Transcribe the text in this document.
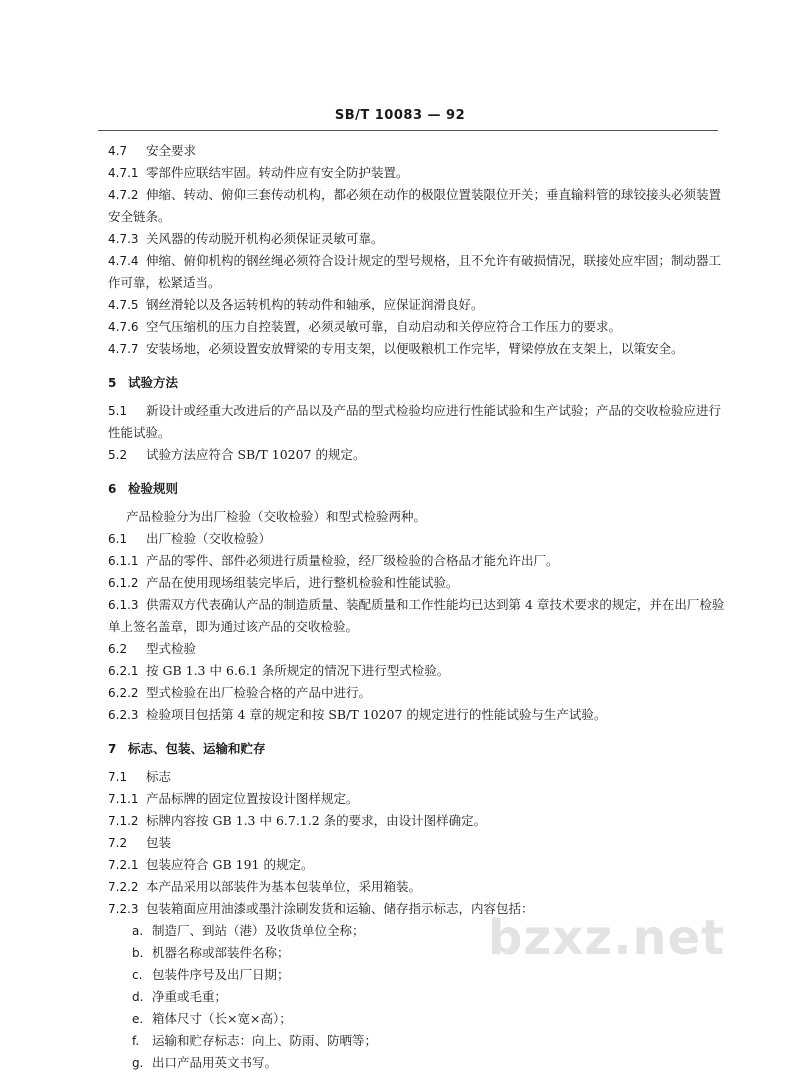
SB/T 10083 — 92
4.7 安全要求
4.7.1 零部件应联结牢固。转动件应有安全防护装置。
4.7.2 伸缩、转动、俯仰三套传动机构，都必须在动作的极限位置装限位开关；垂直输料管的球铰接头必须装置安全链条。
4.7.3 关风器的传动脱开机构必须保证灵敏可靠。
4.7.4 伸缩、俯仰机构的钢丝绳必须符合设计规定的型号规格，且不允许有破损情况，联接处应牢固；制动器工作可靠，松紧适当。
4.7.5 钢丝滑轮以及各运转机构的转动件和轴承，应保证润滑良好。
4.7.6 空气压缩机的压力自控装置，必须灵敏可靠，自动启动和关停应符合工作压力的要求。
4.7.7 安装场地，必须设置安放臂梁的专用支架，以便吸粮机工作完毕，臂梁停放在支架上，以策安全。
5 试验方法
5.1 新设计或经重大改进后的产品以及产品的型式检验均应进行性能试验和生产试验；产品的交收检验应进行性能试验。
5.2 试验方法应符合 SB/T 10207 的规定。
6 检验规则
产品检验分为出厂检验（交收检验）和型式检验两种。
6.1 出厂检验（交收检验）
6.1.1 产品的零件、部件必须进行质量检验，经厂级检验的合格品才能允许出厂。
6.1.2 产品在使用现场组装完毕后，进行整机检验和性能试验。
6.1.3 供需双方代表确认产品的制造质量、装配质量和工作性能均已达到第 4 章技术要求的规定，并在出厂检验单上签名盖章，即为通过该产品的交收检验。
6.2 型式检验
6.2.1 按 GB 1.3 中 6.6.1 条所规定的情况下进行型式检验。
6.2.2 型式检验在出厂检验合格的产品中进行。
6.2.3 检验项目包括第 4 章的规定和按 SB/T 10207 的规定进行的性能试验与生产试验。
7 标志、包装、运输和贮存
7.1 标志
7.1.1 产品标牌的固定位置按设计图样规定。
7.1.2 标牌内容按 GB 1.3 中 6.7.1.2 条的要求，由设计图样确定。
7.2 包装
7.2.1 包装应符合 GB 191 的规定。
7.2.2 本产品采用以部装件为基本包装单位，采用箱装。
7.2.3 包装箱面应用油漆或墨汁涂刷发货和运输、储存指示标志，内容包括：
a. 制造厂、到站（港）及收货单位全称；
b. 机器名称或部装件名称；
c. 包装件序号及出厂日期；
d. 净重或毛重；
e. 箱体尺寸（长×宽×高）；
f. 运输和贮存标志：向上、防雨、防晒等；
g. 出口产品用英文书写。
bzxz.net
